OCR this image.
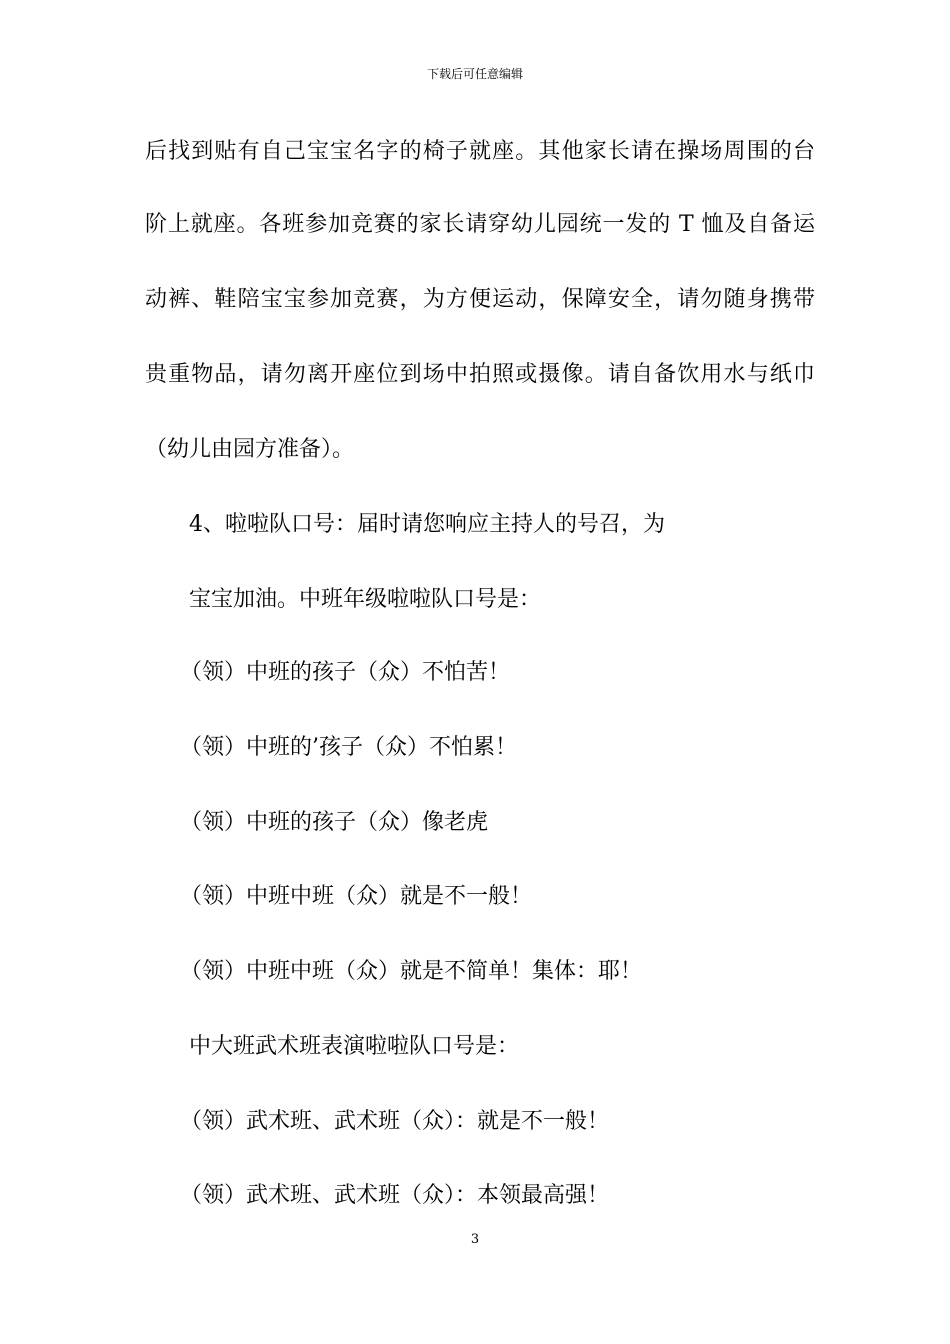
下载后可任意编辑
后找到贴有自己宝宝名字的椅子就座。其他家长请在操场周围的台
阶上就座。各班参加竞赛的家长请穿幼儿园统一发的 T 恤及自备运
动裤、鞋陪宝宝参加竞赛，为方便运动，保障安全，请勿随身携带
贵重物品，请勿离开座位到场中拍照或摄像。请自备饮用水与纸巾
（幼儿由园方准备）。
4、啦啦队口号：届时请您响应主持人的号召，为
宝宝加油。中班年级啦啦队口号是：
（领）中班的孩子（众）不怕苦！
（领）中班的’孩子（众）不怕累！
（领）中班的孩子（众）像老虎
（领）中班中班（众）就是不一般！
（领）中班中班（众）就是不简单！集体：耶！
中大班武术班表演啦啦队口号是：
（领）武术班、武术班（众）：就是不一般！
（领）武术班、武术班（众）：本领最高强！
3
